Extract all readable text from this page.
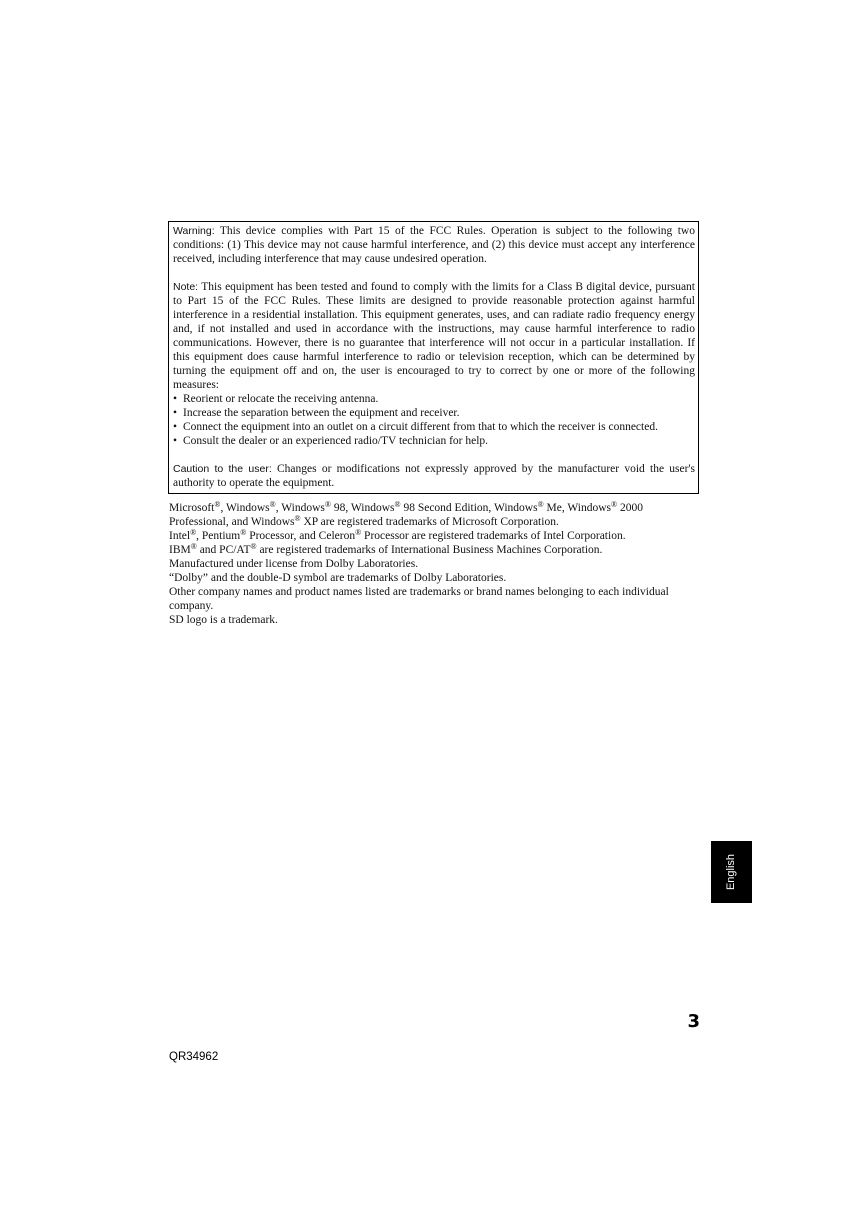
Warning: This device complies with Part 15 of the FCC Rules. Operation is subject to the following two conditions: (1) This device may not cause harmful interference, and (2) this device must accept any interference received, including interference that may cause undesired operation.

Note: This equipment has been tested and found to comply with the limits for a Class B digital device, pursuant to Part 15 of the FCC Rules. These limits are designed to provide reasonable protection against harmful interference in a residential installation. This equipment generates, uses, and can radiate radio frequency energy and, if not installed and used in accordance with the instructions, may cause harmful interference to radio communications. However, there is no guarantee that interference will not occur in a particular installation. If this equipment does cause harmful interference to radio or television reception, which can be determined by turning the equipment off and on, the user is encouraged to try to correct by one or more of the following measures:

• Reorient or relocate the receiving antenna.
• Increase the separation between the equipment and receiver.
• Connect the equipment into an outlet on a circuit different from that to which the receiver is connected.
• Consult the dealer or an experienced radio/TV technician for help.

Caution to the user: Changes or modifications not expressly approved by the manufacturer void the user's authority to operate the equipment.

Microsoft®, Windows®, Windows® 98, Windows® 98 Second Edition, Windows® Me, Windows® 2000 Professional, and Windows® XP are registered trademarks of Microsoft Corporation.

Intel®, Pentium® Processor, and Celeron® Processor are registered trademarks of Intel Corporation.

IBM® and PC/AT® are registered trademarks of International Business Machines Corporation.

Manufactured under license from Dolby Laboratories.

“Dolby” and the double-D symbol are trademarks of Dolby Laboratories.

Other company names and product names listed are trademarks or brand names belonging to each individual company.

SD logo is a trademark.

English
3
QR34962
